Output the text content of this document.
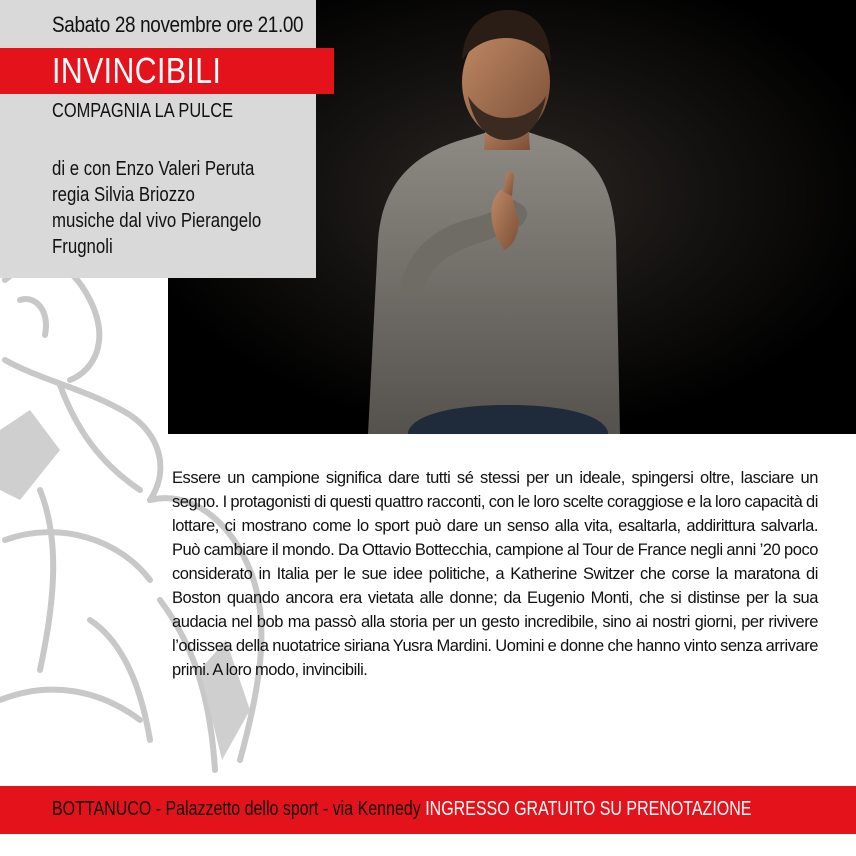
Sabato 28 novembre ore 21.00
INVINCIBILI
COMPAGNIA LA PULCE
di e con Enzo Valeri Peruta
regia Silvia Briozzo
musiche dal vivo Pierangelo
Frugnoli

Essere un campione significa dare tutti sé stessi per un ideale, spingersi oltre, lasciare un segno. I protagonisti di questi quattro racconti, con le loro scelte coraggiose e la loro capacità di lottare, ci mostrano come lo sport può dare un senso alla vita, esaltarla, addirittura salvarla. Può cambiare il mondo. Da Ottavio Bottecchia, campione al Tour de France negli anni ’20 poco considerato in Italia per le sue idee politiche, a Katherine Switzer che corse la maratona di Boston quando ancora era vietata alle donne; da Eugenio Monti, che si distinse per la sua audacia nel bob ma passò alla storia per un gesto incredibile, sino ai nostri giorni, per rivivere l’odissea della nuotatrice siriana Yusra Mardini. Uomini e donne che hanno vinto senza arrivare primi. A loro modo, invincibili.

BOTTANUCO - Palazzetto dello sport - via Kennedy INGRESSO GRATUITO SU PRENOTAZIONE
